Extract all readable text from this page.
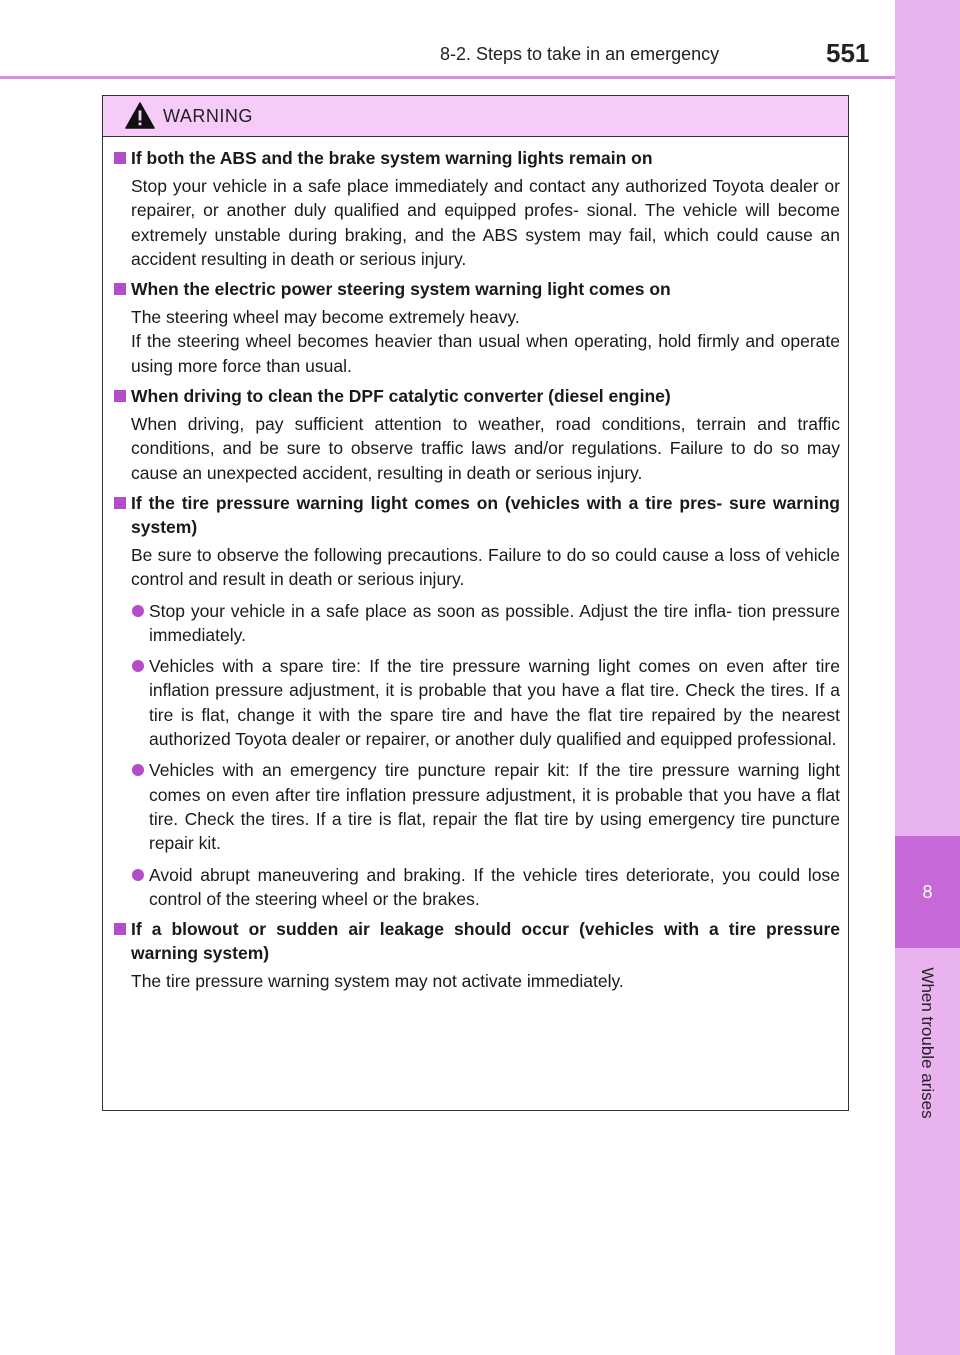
8-2. Steps to take in an emergency	551
8
When trouble arises
WARNING
If both the ABS and the brake system warning lights remain on
Stop your vehicle in a safe place immediately and contact any authorized Toyota dealer or repairer, or another duly qualified and equipped profes- sional. The vehicle will become extremely unstable during braking, and the ABS system may fail, which could cause an accident resulting in death or serious injury.
When the electric power steering system warning light comes on
The steering wheel may become extremely heavy.
If the steering wheel becomes heavier than usual when operating, hold firmly and operate using more force than usual.
When driving to clean the DPF catalytic converter (diesel engine)
When driving, pay sufficient attention to weather, road conditions, terrain and traffic conditions, and be sure to observe traffic laws and/or regulations. Failure to do so may cause an unexpected accident, resulting in death or serious injury.
If the tire pressure warning light comes on (vehicles with a tire pres- sure warning system)
Be sure to observe the following precautions. Failure to do so could cause a loss of vehicle control and result in death or serious injury.
Stop your vehicle in a safe place as soon as possible. Adjust the tire infla- tion pressure immediately.
Vehicles with a spare tire: If the tire pressure warning light comes on even after tire inflation pressure adjustment, it is probable that you have a flat tire. Check the tires. If a tire is flat, change it with the spare tire and have the flat tire repaired by the nearest authorized Toyota dealer or repairer, or another duly qualified and equipped professional.
Vehicles with an emergency tire puncture repair kit: If the tire pressure warning light comes on even after tire inflation pressure adjustment, it is probable that you have a flat tire. Check the tires. If a tire is flat, repair the flat tire by using emergency tire puncture repair kit.
Avoid abrupt maneuvering and braking. If the vehicle tires deteriorate, you could lose control of the steering wheel or the brakes.
If a blowout or sudden air leakage should occur (vehicles with a tire pressure warning system)
The tire pressure warning system may not activate immediately.
